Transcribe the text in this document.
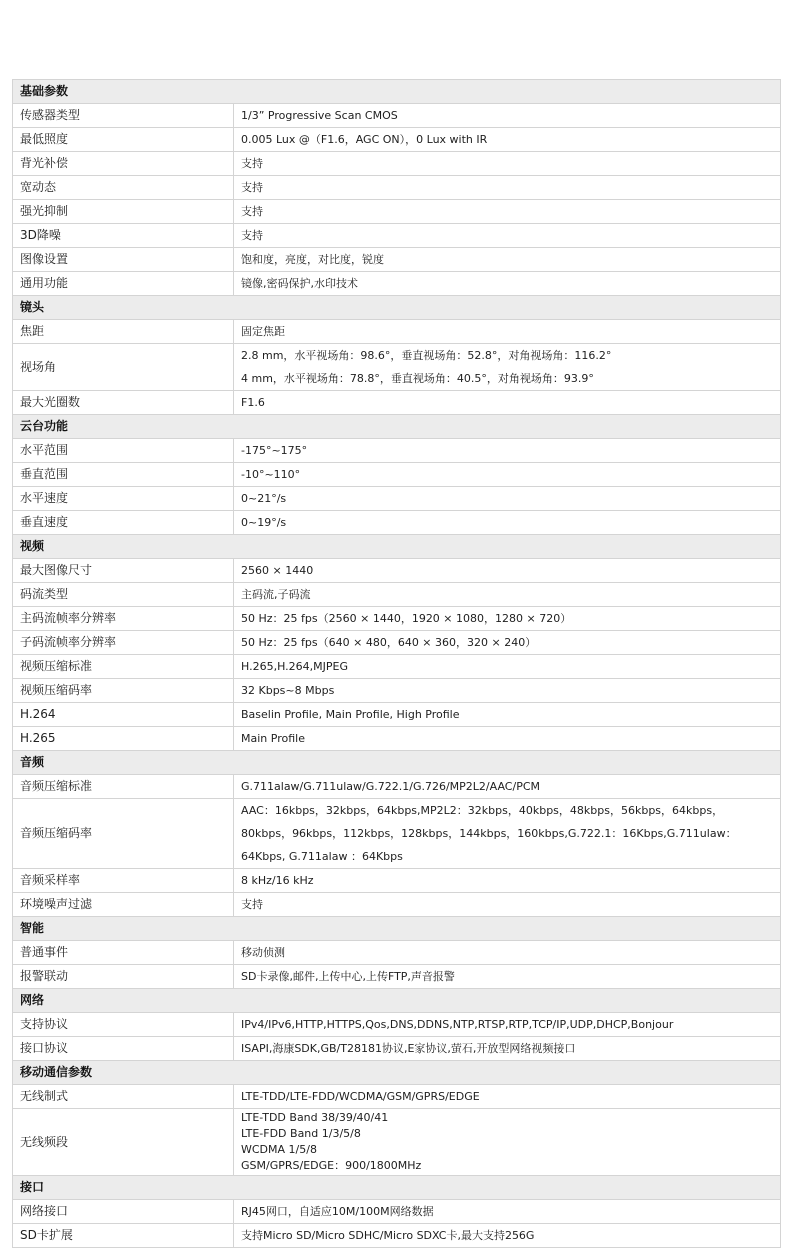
基础参数	
传感器类型	1/3” Progressive Scan CMOS

最低照度	0.005 Lux @（F1.6，AGC ON），0 Lux with IR

背光补偿	支持

宽动态	支持

强光抑制	支持

3D降噪	支持

图像设置	饱和度，亮度，对比度，锐度

通用功能	镜像,密码保护,水印技术

镜头	
焦距	固定焦距

视场角	2.8 mm，水平视场角：98.6°，垂直视场角：52.8°，对角视场角：116.2°
4 mm，水平视场角：78.8°，垂直视场角：40.5°，对角视场角：93.9°

最大光圈数	F1.6

云台功能	
水平范围	-175°~175°

垂直范围	-10°~110°

水平速度	0~21°/s

垂直速度	0~19°/s

视频	
最大图像尺寸	2560 × 1440

码流类型	主码流,子码流

主码流帧率分辨率	50 Hz：25 fps（2560 × 1440，1920 × 1080，1280 × 720）

子码流帧率分辨率	50 Hz：25 fps（640 × 480，640 × 360，320 × 240）

视频压缩标准	H.265,H.264,MJPEG

视频压缩码率	32 Kbps~8 Mbps

H.264	Baselin Profile, Main Profile, High Profile

H.265	Main Profile

音频	
音频压缩标准	G.711alaw/G.711ulaw/G.722.1/G.726/MP2L2/AAC/PCM

音频压缩码率	AAC：16kbps，32kbps，64kbps,MP2L2：32kbps，40kbps，48kbps，56kbps，64kbps，
80kbps，96kbps，112kbps，128kbps，144kbps，160kbps,G.722.1：16Kbps,G.711ulaw：
64Kbps, G.711alaw ：64Kbps

音频采样率	8 kHz/16 kHz

环境噪声过滤	支持

智能	
普通事件	移动侦测

报警联动	SD卡录像,邮件,上传中心,上传FTP,声音报警

网络	
支持协议	IPv4/IPv6,HTTP,HTTPS,Qos,DNS,DDNS,NTP,RTSP,RTP,TCP/IP,UDP,DHCP,Bonjour

接口协议	ISAPI,海康SDK,GB/T28181协议,E家协议,萤石,开放型网络视频接口

移动通信参数	
无线制式	LTE-TDD/LTE-FDD/WCDMA/GSM/GPRS/EDGE

无线频段	LTE-TDD Band 38/39/40/41
LTE-FDD Band 1/3/5/8
WCDMA 1/5/8
GSM/GPRS/EDGE：900/1800MHz

接口	
网络接口	RJ45网口，自适应10M/100M网络数据

SD卡扩展	支持Micro SD/Micro SDHC/Micro SDXC卡,最大支持256G
